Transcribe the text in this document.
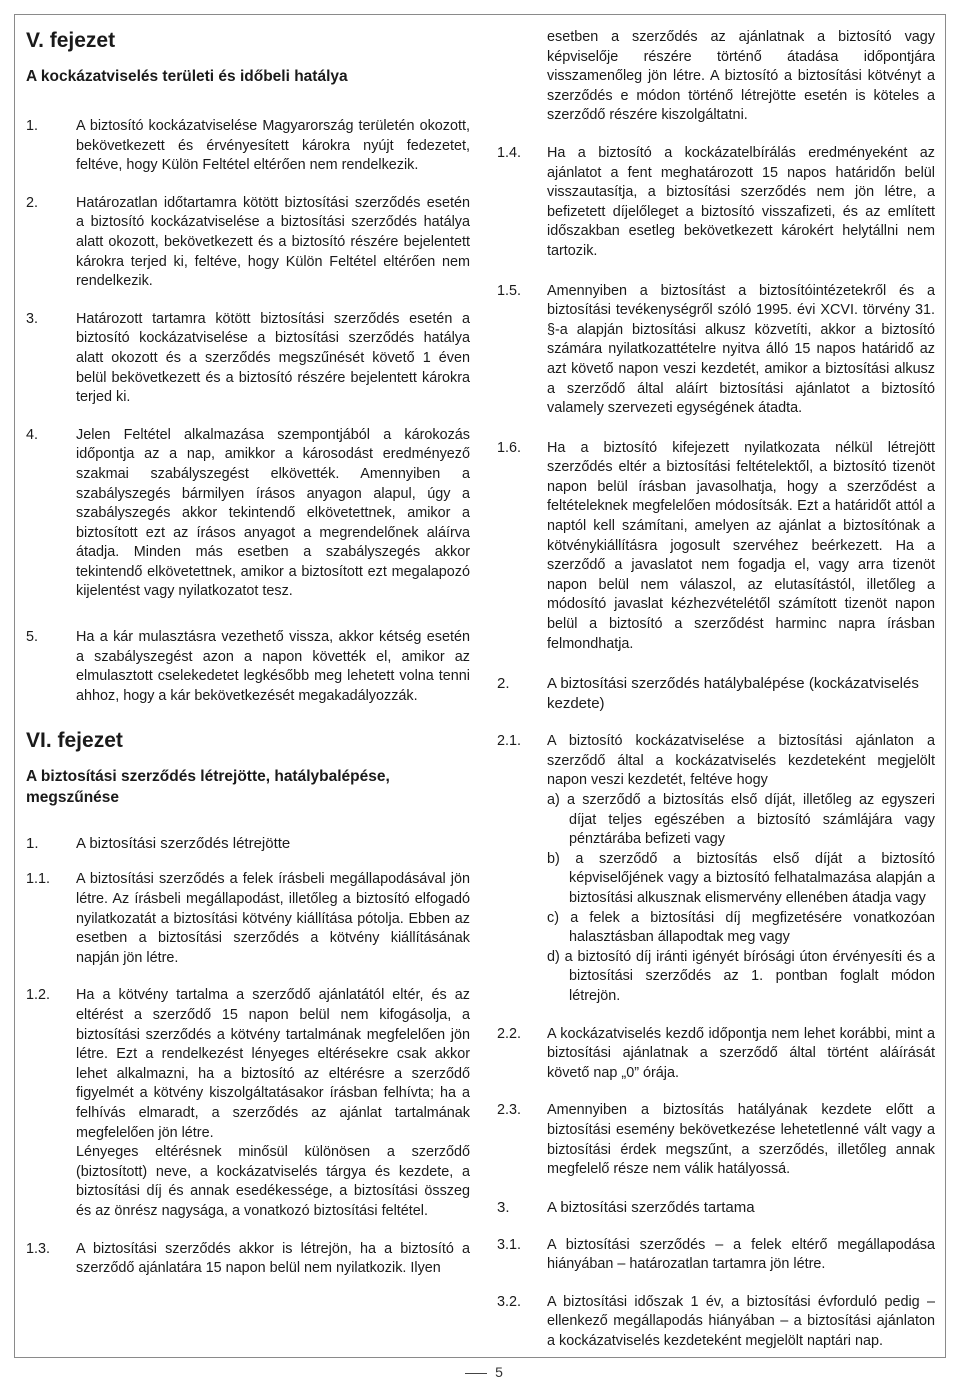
V. fejezet
A kockázatviselés területi és időbeli hatálya
1.	A biztosító kockázatviselése Magyarország területén okozott, bekövetkezett és érvényesített károkra nyújt fedezetet, feltéve, hogy Külön Feltétel eltérően nem rendelkezik.
2.	Határozatlan időtartamra kötött biztosítási szerződés esetén a biztosító kockázatviselése a biztosítási szerződés hatálya alatt okozott, bekövetkezett és a biztosító részére bejelentett károkra terjed ki, feltéve, hogy Külön Feltétel eltérően nem rendelkezik.
3.	Határozott tartamra kötött biztosítási szerződés esetén a biztosító kockázatviselése a biztosítási szerződés hatálya alatt okozott és a szerződés megszűnését követő 1 éven belül bekövetkezett és a biztosító részére bejelentett károkra terjed ki.
4.	Jelen Feltétel alkalmazása szempontjából a károkozás időpontja az a nap, amikkor a károsodást eredményező szakmai szabályszegést elkövették. Amennyiben a szabályszegés bármilyen írásos anyagon alapul, úgy a szabályszegés akkor tekintendő elkövetettnek, amikor a biztosított ezt az írásos anyagot a megrendelőnek aláírva átadja. Minden más esetben a szabályszegés akkor tekintendő elkövetettnek, amikor a biztosított ezt megalapozó kijelentést vagy nyilatkozatot tesz.
5.	Ha a kár mulasztásra vezethető vissza, akkor kétség esetén a szabályszegést azon a napon követték el, amikor az elmulasztott cselekedetet legkésőbb meg lehetett volna tenni ahhoz, hogy a kár bekövetkezését megakadályozzák.
VI. fejezet
A biztosítási szerződés létrejötte, hatálybalépése, megszűnése
1.	A biztosítási szerződés létrejötte
1.1.	A biztosítási szerződés a felek írásbeli megállapodásával jön létre. Az írásbeli megállapodást, illetőleg a biztosító elfogadó nyilatkozatát a biztosítási kötvény kiállítása pótolja. Ebben az esetben a biztosítási szerződés a kötvény kiállításának napján jön létre.
1.2.	Ha a kötvény tartalma a szerződő ajánlatától eltér, és az eltérést a szerződő 15 napon belül nem kifogásolja, a biztosítási szerződés a kötvény tartalmának megfelelően jön létre. Ezt a rendelkezést lényeges eltérésekre csak akkor lehet alkalmazni, ha a biztosító az eltérésre a szerződő figyelmét a kötvény kiszolgáltatásakor írásban felhívta; ha a felhívás elmaradt, a szerződés az ajánlat tartalmának megfelelően jön létre.

Lényeges eltérésnek minősül különösen a szerződő (biztosított) neve, a kockázatviselés tárgya és kezdete, a biztosítási díj és annak esedékessége, a biztosítási összeg és az önrész nagysága, a vonatkozó biztosítási feltétel.

1.3.	A biztosítási szerződés akkor is létrejön, ha a biztosító a szerződő ajánlatára 15 napon belül nem nyilatkozik. Ilyen
esetben a szerződés az ajánlatnak a biztosító vagy képviselője részére történő átadása időpontjára visszamenőleg jön létre. A biztosító a biztosítási kötvényt a szerződés e módon történő létrejötte esetén is köteles a szerződő részére kiszolgáltatni.
1.4.	Ha a biztosító a kockázatelbírálás eredményeként az ajánlatot a fent meghatározott 15 napos határidőn belül visszautasítja, a biztosítási szerződés nem jön létre, a befizetett díjelőleget a biztosító visszafizeti, és az említett időszakban esetleg bekövetkezett károkért helytállni nem tartozik.
1.5.	Amennyiben a biztosítást a biztosítóintézetekről és a biztosítási tevékenységről szóló 1995. évi XCVI. törvény 31. §-a alapján biztosítási alkusz közvetíti, akkor a biztosító számára nyilatkozattételre nyitva álló 15 napos határidő az azt követő napon veszi kezdetét, amikor a biztosítási alkusz a szerződő által aláírt biztosítási ajánlatot a biztosító valamely szervezeti egységének átadta.
1.6.	Ha a biztosító kifejezett nyilatkozata nélkül létrejött szerződés eltér a biztosítási feltételektől, a biztosító tizenöt napon belül írásban javasolhatja, hogy a szerződést a feltételeknek megfelelően módosítsák. Ezt a határidőt attól a naptól kell számítani, amelyen az ajánlat a biztosítónak a kötvénykiállításra jogosult szervéhez beérkezett. Ha a szerződő a javaslatot nem fogadja el, vagy arra tizenöt napon belül nem válaszol, az elutasítástól, illetőleg a módosító javaslat kézhezvételétől számított tizenöt napon belül a biztosító a szerződést harminc napra írásban felmondhatja.
2.	A biztosítási szerződés hatálybalépése (kockázatviselés kezdete)
2.1.	A biztosító kockázatviselése a biztosítási ajánlaton a szerződő által a kockázatviselés kezdeteként megjelölt napon veszi kezdetét, feltéve hogy

a) a szerződő a biztosítás első díját, illetőleg az egyszeri díjat teljes egészében a biztosító számlájára vagy pénztárába befizeti vagy

b) a szerződő a biztosítás első díját a biztosító képviselőjének vagy a biztosító felhatalmazása alapján a biztosítási alkusznak elismervény ellenében átadja vagy

c) a felek a biztosítási díj megfizetésére vonatkozóan halasztásban állapodtak meg vagy

d) a biztosító díj iránti igényét bírósági úton érvényesíti és a biztosítási szerződés az 1. pontban foglalt módon létrejön.

2.2.	A kockázatviselés kezdő időpontja nem lehet korábbi, mint a biztosítási ajánlatnak a szerződő által történt aláírását követő nap „0” órája.
2.3.	Amennyiben a biztosítás hatályának kezdete előtt a biztosítási esemény bekövetkezése lehetetlenné vált vagy a biztosítási érdek megszűnt, a szerződés, illetőleg annak megfelelő része nem válik hatályossá.
3.	A biztosítási szerződés tartama
3.1.	A biztosítási szerződés – a felek eltérő megállapodása hiányában – határozatlan tartamra jön létre.
3.2.	A biztosítási időszak 1 év, a biztosítási évforduló pedig – ellenkező megállapodás hiányában – a biztosítási ajánlaton a kockázatviselés kezdeteként megjelölt naptári nap.
5
